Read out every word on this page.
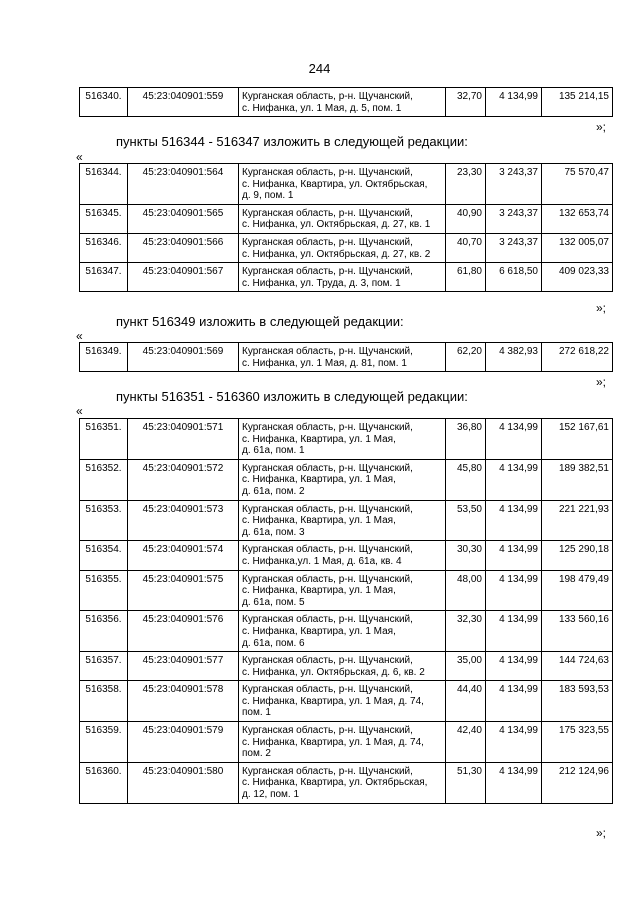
244
516340.	45:23:040901:559	Курганская область, р-н. Щучанский,
с. Нифанка, ул. 1 Мая, д. 5, пом. 1	32,70	4 134,99	135 214,15
»;
пункты 516344 - 516347 изложить в следующей редакции:
«
516344.	45:23:040901:564	Курганская область, р-н. Щучанский,
с. Нифанка, Квартира, ул. Октябрьская,
д. 9, пом. 1	23,30	3 243,37	75 570,47
516345.	45:23:040901:565	Курганская область, р-н. Щучанский,
с. Нифанка, ул. Октябрьская, д. 27, кв. 1	40,90	3 243,37	132 653,74
516346.	45:23:040901:566	Курганская область, р-н. Щучанский,
с. Нифанка, ул. Октябрьская, д. 27, кв. 2	40,70	3 243,37	132 005,07
516347.	45:23:040901:567	Курганская область, р-н. Щучанский,
с. Нифанка, ул. Труда, д. 3, пом. 1	61,80	6 618,50	409 023,33
»;
пункт 516349 изложить в следующей редакции:
«
516349.	45:23:040901:569	Курганская область, р-н. Щучанский,
с. Нифанка, ул. 1 Мая, д. 81, пом. 1	62,20	4 382,93	272 618,22
»;
пункты 516351 - 516360 изложить в следующей редакции:
«
516351.	45:23:040901:571	Курганская область, р-н. Щучанский,
с. Нифанка, Квартира, ул. 1 Мая,
д. 61а, пом. 1	36,80	4 134,99	152 167,61
516352.	45:23:040901:572	Курганская область, р-н. Щучанский,
с. Нифанка, Квартира, ул. 1 Мая,
д. 61а, пом. 2	45,80	4 134,99	189 382,51
516353.	45:23:040901:573	Курганская область, р-н. Щучанский,
с. Нифанка, Квартира, ул. 1 Мая,
д. 61а, пом. 3	53,50	4 134,99	221 221,93
516354.	45:23:040901:574	Курганская область, р-н. Щучанский,
с. Нифанка,ул. 1 Мая, д. 61а, кв. 4	30,30	4 134,99	125 290,18
516355.	45:23:040901:575	Курганская область, р-н. Щучанский,
с. Нифанка, Квартира, ул. 1 Мая,
д. 61а, пом. 5	48,00	4 134,99	198 479,49
516356.	45:23:040901:576	Курганская область, р-н. Щучанский,
с. Нифанка, Квартира, ул. 1 Мая,
д. 61а, пом. 6	32,30	4 134,99	133 560,16
516357.	45:23:040901:577	Курганская область, р-н. Щучанский,
с. Нифанка, ул. Октябрьская, д. 6, кв. 2	35,00	4 134,99	144 724,63
516358.	45:23:040901:578	Курганская область, р-н. Щучанский,
с. Нифанка, Квартира, ул. 1 Мая, д. 74,
пом. 1	44,40	4 134,99	183 593,53
516359.	45:23:040901:579	Курганская область, р-н. Щучанский,
с. Нифанка, Квартира, ул. 1 Мая, д. 74,
пом. 2	42,40	4 134,99	175 323,55
516360.	45:23:040901:580	Курганская область, р-н. Щучанский,
с. Нифанка, Квартира, ул. Октябрьская,
д. 12, пом. 1	51,30	4 134,99	212 124,96
»;
